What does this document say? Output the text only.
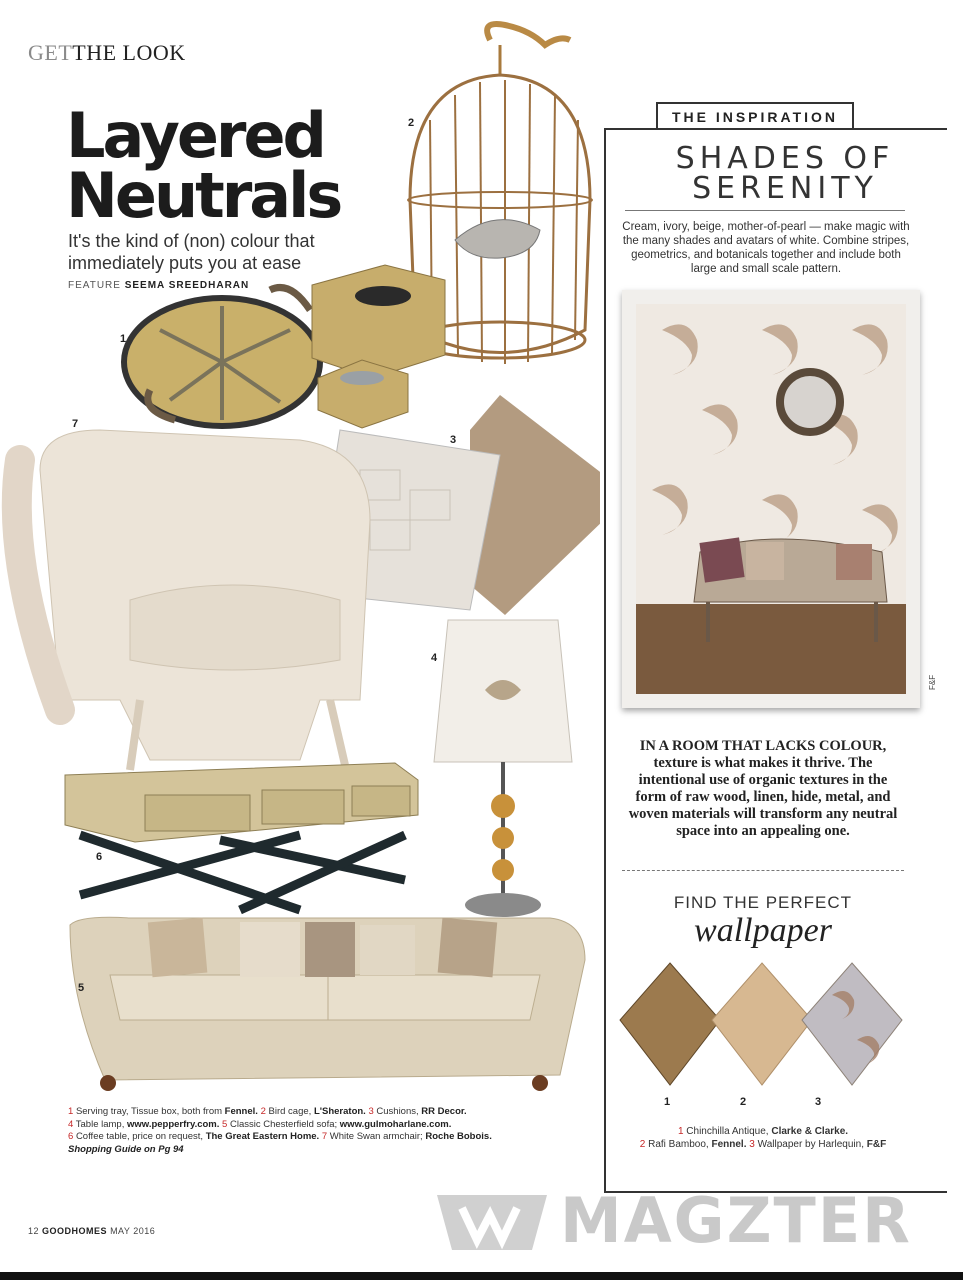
GETTHE LOOK
Layered
Neutrals
It's the kind of (non) colour that immediately puts you at ease
FEATURE SEEMA SREEDHARAN
1
2
3
4
5
6
7
1 Serving tray, Tissue box, both from Fennel. 2 Bird cage, L'Sheraton. 3 Cushions, RR Decor.
4 Table lamp, www.pepperfry.com. 5 Classic Chesterfield sofa; www.gulmoharlane.com.
6 Coffee table, price on request, The Great Eastern Home. 7 White Swan armchair; Roche Bobois.
Shopping Guide on Pg 94
THE INSPIRATION
SHADES OF
SERENITY
Cream, ivory, beige, mother-of-pearl — make magic with the many shades and avatars of white. Combine stripes, geometrics, and botanicals together and include both large and small scale pattern.
F&F
IN A ROOM THAT LACKS COLOUR, texture is what makes it thrive. The intentional use of organic textures in the form of raw wood, linen, hide, metal, and woven materials will transform any neutral space into an appealing one.
FIND THE PERFECT
wallpaper
1	2	3
1 Chinchilla Antique, Clarke & Clarke.
2 Rafi Bamboo, Fennel. 3 Wallpaper by Harlequin, F&F
12 GOODHOMES MAY 2016	MAGZTER
